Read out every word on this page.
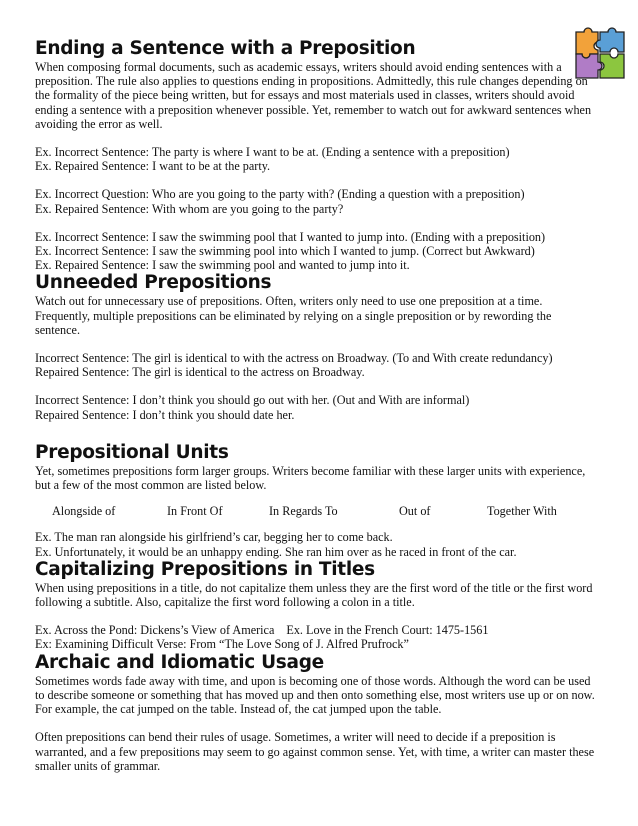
Ending a Sentence with a Preposition

When composing formal documents, such as academic essays, writers should avoid ending sentences with a preposition. The rule also applies to questions ending in propositions. Admittedly, this rule changes depending on the formality of the piece being written, but for essays and most materials used in classes, writers should avoid ending a sentence with a preposition whenever possible. Yet, remember to watch out for awkward sentences when avoiding the error as well.

Ex. Incorrect Sentence: The party is where I want to be at. (Ending a sentence with a preposition)

Ex. Repaired Sentence: I want to be at the party.

Ex. Incorrect Question: Who are you going to the party with? (Ending a question with a preposition)

Ex. Repaired Sentence: With whom are you going to the party?

Ex. Incorrect Sentence: I saw the swimming pool that I wanted to jump into. (Ending with a preposition)

Ex. Incorrect Sentence: I saw the swimming pool into which I wanted to jump. (Correct but Awkward)

Ex. Repaired Sentence: I saw the swimming pool and wanted to jump into it.

Unneeded Prepositions

Watch out for unnecessary use of prepositions. Often, writers only need to use one preposition at a time. Frequently, multiple prepositions can be eliminated by relying on a single preposition or by rewording the sentence.

Incorrect Sentence: The girl is identical to with the actress on Broadway. (To and With create redundancy)

Repaired Sentence: The girl is identical to the actress on Broadway.

Incorrect Sentence: I don’t think you should go out with her. (Out and With are informal)

Repaired Sentence: I don’t think you should date her.

Prepositional Units

Yet, sometimes prepositions form larger groups. Writers become familiar with these larger units with experience, but a few of the most common are listed below.

Alongside of	In Front Of	In Regards To	Out of	Together With

Ex. The man ran alongside his girlfriend’s car, begging her to come back.

Ex. Unfortunately, it would be an unhappy ending. She ran him over as he raced in front of the car.

Capitalizing Prepositions in Titles

When using prepositions in a title, do not capitalize them unless they are the first word of the title or the first word following a subtitle. Also, capitalize the first word following a colon in a title.

Ex. Across the Pond: Dickens’s View of America Ex. Love in the French Court: 1475-1561

Ex: Examining Difficult Verse: From “The Love Song of J. Alfred Prufrock”

Archaic and Idiomatic Usage

Sometimes words fade away with time, and upon is becoming one of those words. Although the word can be used to describe someone or something that has moved up and then onto something else, most writers use up or on now. For example, the cat jumped on the table. Instead of, the cat jumped upon the table.

Often prepositions can bend their rules of usage. Sometimes, a writer will need to decide if a preposition is warranted, and a few prepositions may seem to go against common sense. Yet, with time, a writer can master these smaller units of grammar.
